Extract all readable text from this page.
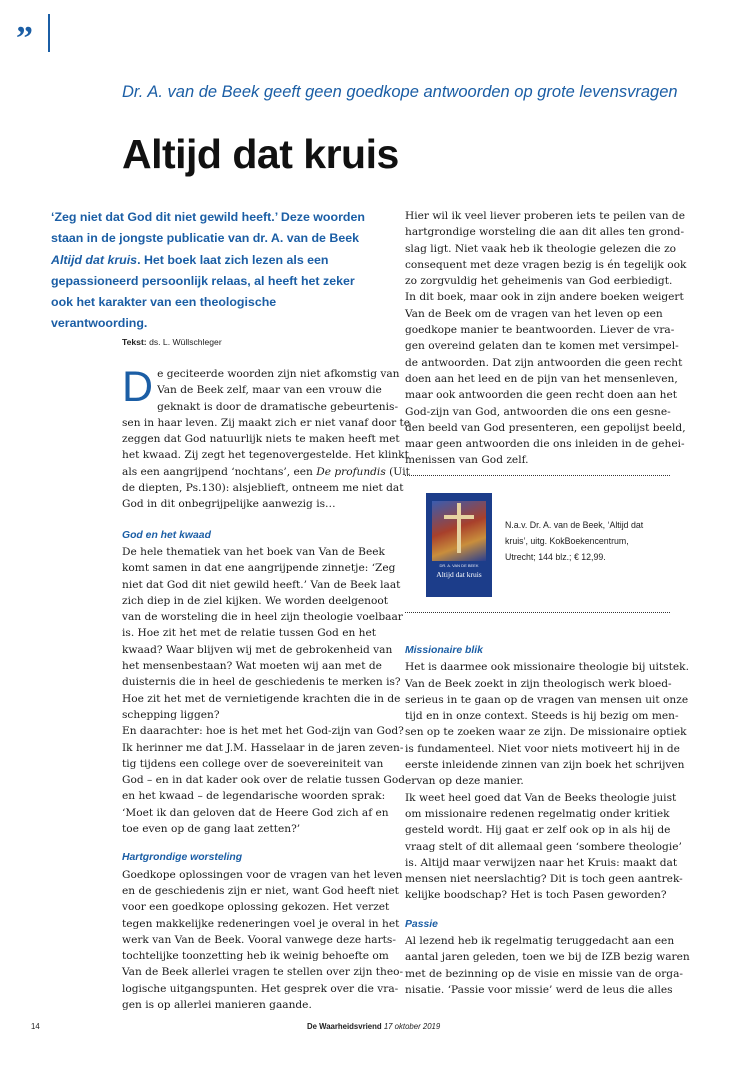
”
Dr. A. van de Beek geeft geen goedkope antwoorden op grote levensvragen
Altijd dat kruis
‘Zeg niet dat God dit niet gewild heeft.’ Deze woorden staan in de jongste publicatie van dr. A. van de Beek Altijd dat kruis. Het boek laat zich lezen als een gepassioneerd persoonlijk relaas, al heeft het zeker ook het karakter van een theologische verantwoording.
Tekst: ds. L. Wüllschleger
D e geciteerde woorden zijn niet afkomstig van
Van de Beek zelf, maar van een vrouw die
geknakt is door de dramatische gebeurtenis-
sen in haar leven. Zij maakt zich er niet vanaf door te
zeggen dat God natuurlijk niets te maken heeft met
het kwaad. Zij zegt het tegenovergestelde. Het klinkt
als een aangrijpend ‘nochtans’, een De profundis (Uit
de diepten, Ps.130): alsjeblieft, ontneem me niet dat
God in dit onbegrijpelijke aanwezig is…
God en het kwaad
De hele thematiek van het boek van Van de Beek
komt samen in dat ene aangrijpende zinnetje: ‘Zeg
niet dat God dit niet gewild heeft.’ Van de Beek laat
zich diep in de ziel kijken. We worden deelgenoot
van de worsteling die in heel zijn theologie voelbaar
is. Hoe zit het met de relatie tussen God en het
kwaad? Waar blijven wij met de gebrokenheid van
het mensenbestaan? Wat moeten wij aan met de
duisternis die in heel de geschiedenis te merken is?
Hoe zit het met de vernietigende krachten die in de
schepping liggen?
En daarachter: hoe is het met het God-zijn van God?
Ik herinner me dat J.M. Hasselaar in de jaren zeven-
tig tijdens een college over de soevereiniteit van
God – en in dat kader ook over de relatie tussen God
en het kwaad – de legendarische woorden sprak:
‘Moet ik dan geloven dat de Heere God zich af en
toe even op de gang laat zetten?’
Hartgrondige worsteling
Goedkope oplossingen voor de vragen van het leven
en de geschiedenis zijn er niet, want God heeft niet
voor een goedkope oplossing gekozen. Het verzet
tegen makkelijke redeneringen voel je overal in het
werk van Van de Beek. Vooral vanwege deze harts-
tochtelijke toonzetting heb ik weinig behoefte om
Van de Beek allerlei vragen te stellen over zijn theo-
logische uitgangspunten. Het gesprek over die vra-
gen is op allerlei manieren gaande.
Hier wil ik veel liever proberen iets te peilen van de
hartgrondige worsteling die aan dit alles ten grond-
slag ligt. Niet vaak heb ik theologie gelezen die zo
consequent met deze vragen bezig is én tegelijk ook
zo zorgvuldig het geheimenis van God eerbiedigt.
In dit boek, maar ook in zijn andere boeken weigert
Van de Beek om de vragen van het leven op een
goedkope manier te beantwoorden. Liever de vra-
gen overeind gelaten dan te komen met versimpel-
de antwoorden. Dat zijn antwoorden die geen recht
doen aan het leed en de pijn van het mensenleven,
maar ook antwoorden die geen recht doen aan het
God-zijn van God, antwoorden die ons een gesne-
den beeld van God presenteren, een gepolijst beeld,
maar geen antwoorden die ons inleiden in de gehei-
menissen van God zelf.
DR. A. VAN DE BEEK
Altijd dat kruis
N.a.v. Dr. A. van de Beek, ‘Altijd dat
kruis’, uitg. KokBoekencentrum,
Utrecht; 144 blz.; € 12,99.
Missionaire blik
Het is daarmee ook missionaire theologie bij uitstek.
Van de Beek zoekt in zijn theologisch werk bloed-
serieus in te gaan op de vragen van mensen uit onze
tijd en in onze context. Steeds is hij bezig om men-
sen op te zoeken waar ze zijn. De missionaire optiek
is fundamenteel. Niet voor niets motiveert hij in de
eerste inleidende zinnen van zijn boek het schrijven
ervan op deze manier.
Ik weet heel goed dat Van de Beeks theologie juist
om missionaire redenen regelmatig onder kritiek
gesteld wordt. Hij gaat er zelf ook op in als hij de
vraag stelt of dit allemaal geen ‘sombere theologie’
is. Altijd maar verwijzen naar het Kruis: maakt dat
mensen niet neerslachtig? Dit is toch geen aantrek-
kelijke boodschap? Het is toch Pasen geworden?
Passie
Al lezend heb ik regelmatig teruggedacht aan een
aantal jaren geleden, toen we bij de IZB bezig waren
met de bezinning op de visie en missie van de orga-
nisatie. ‘Passie voor missie’ werd de leus die alles
14	De Waarheidsvriend 17 oktober 2019
